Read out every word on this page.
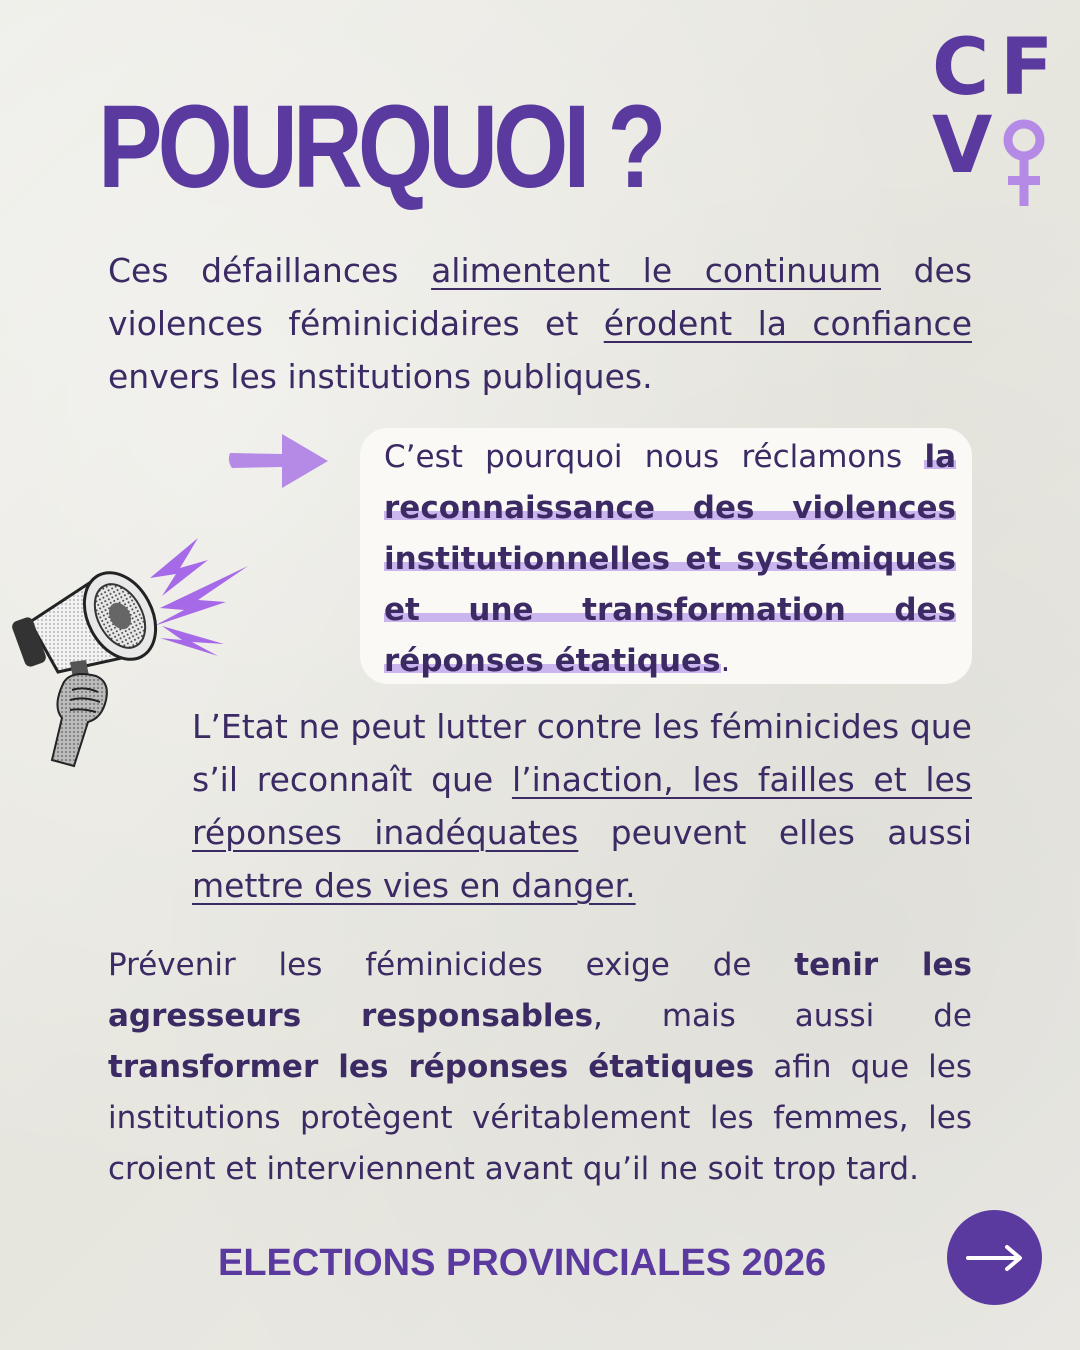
POURQUOI ?
C F
V
Ces défaillances alimentent le continuum des violences féminicidaires et érodent la confiance envers les institutions publiques.

C’est pourquoi nous réclamons la reconnaissance des violences institutionnelles et systémiques et une transformation des réponses étatiques.

L’Etat ne peut lutter contre les féminicides que s’il reconnaît que l’inaction, les failles et les réponses inadéquates peuvent elles aussi mettre des vies en danger.
Prévenir les féminicides exige de tenir les agresseurs responsables, mais aussi de transformer les réponses étatiques afin que les institutions protègent véritablement les femmes, les croient et interviennent avant qu’il ne soit trop tard.
ELECTIONS PROVINCIALES 2026
